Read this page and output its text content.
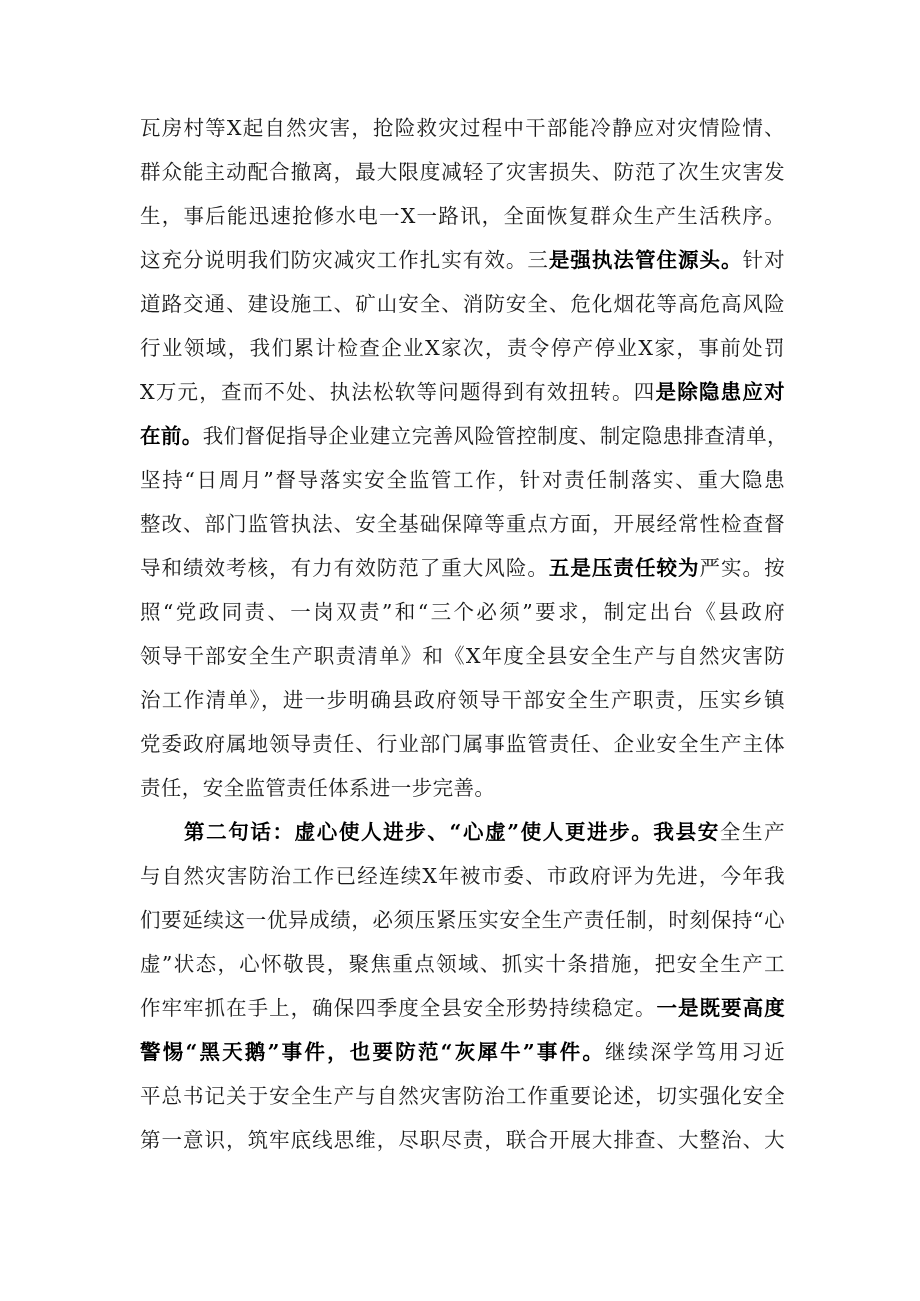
瓦房村等X起自然灾害，抢险救灾过程中干部能冷静应对灾情险情、
群众能主动配合撤离，最大限度减轻了灾害损失、防范了次生灾害发
生，事后能迅速抢修水电一X一路讯，全面恢复群众生产生活秩序。
这充分说明我们防灾减灾工作扎实有效。三是强执法管住源头。针对
道路交通、建设施工、矿山安全、消防安全、危化烟花等高危高风险
行业领域，我们累计检查企业X家次，责令停产停业X家，事前处罚
X万元，查而不处、执法松软等问题得到有效扭转。四是除隐患应对
在前。我们督促指导企业建立完善风险管控制度、制定隐患排查清单，
坚持“日周月”督导落实安全监管工作，针对责任制落实、重大隐患
整改、部门监管执法、安全基础保障等重点方面，开展经常性检查督
导和绩效考核，有力有效防范了重大风险。五是压责任较为严实。按
照“党政同责、一岗双责”和“三个必须”要求，制定出台《县政府
领导干部安全生产职责清单》和《X年度全县安全生产与自然灾害防
治工作清单》，进一步明确县政府领导干部安全生产职责，压实乡镇
党委政府属地领导责任、行业部门属事监管责任、企业安全生产主体
责任，安全监管责任体系进一步完善。
第二句话：虚心使人进步、“心虚”使人更进步。我县安全生产
与自然灾害防治工作已经连续X年被市委、市政府评为先进，今年我
们要延续这一优异成绩，必须压紧压实安全生产责任制，时刻保持“心
虚”状态，心怀敬畏，聚焦重点领域、抓实十条措施，把安全生产工
作牢牢抓在手上，确保四季度全县安全形势持续稳定。一是既要高度
警惕“黑天鹅”事件，也要防范“灰犀牛”事件。继续深学笃用习近
平总书记关于安全生产与自然灾害防治工作重要论述，切实强化安全
第一意识，筑牢底线思维，尽职尽责，联合开展大排查、大整治、大
